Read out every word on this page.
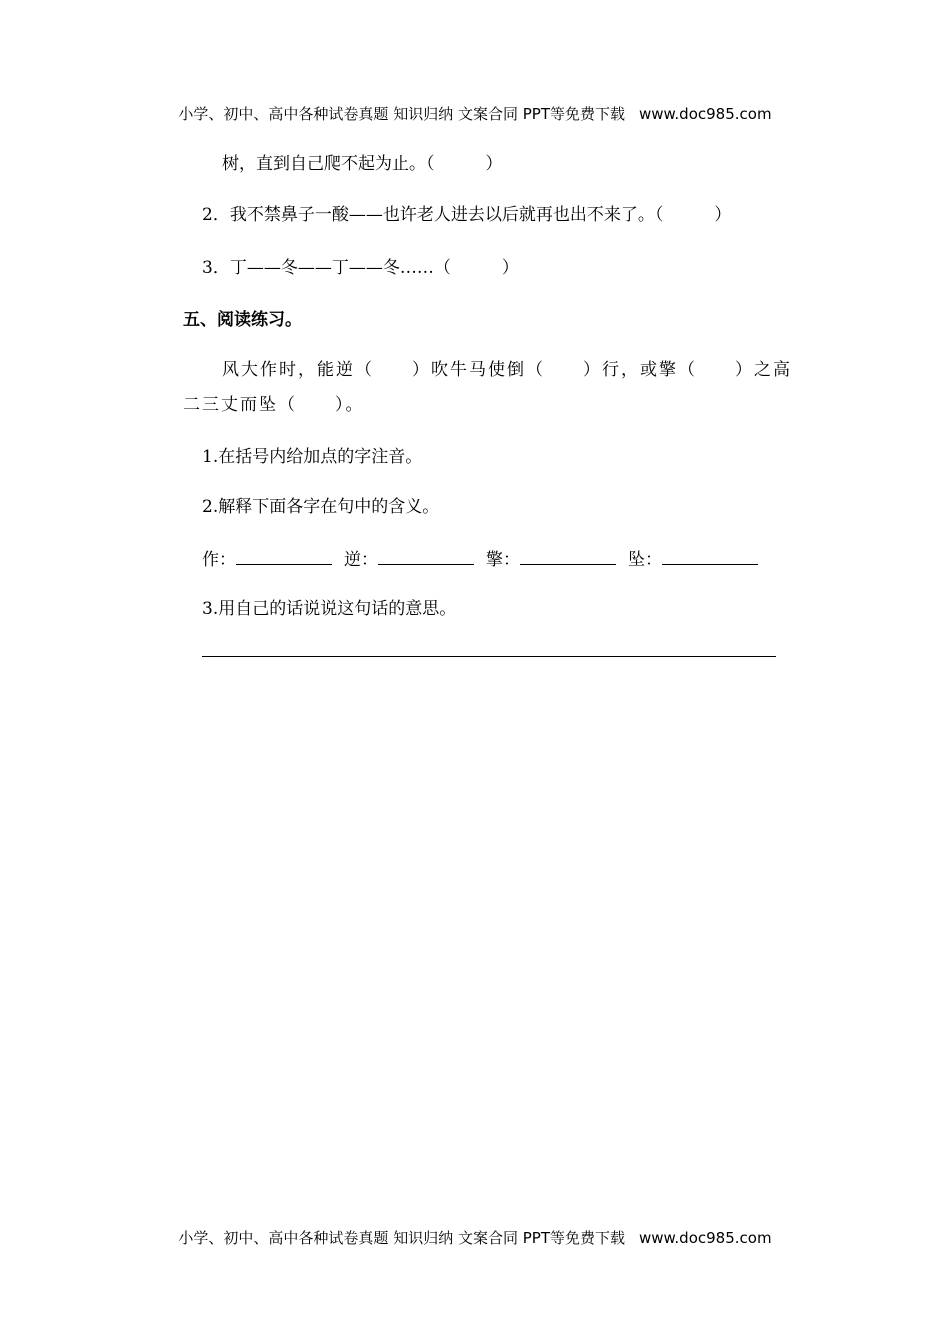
小学、初中、高中各种试卷真题 知识归纳 文案合同 PPT等免费下载 www.doc985.com
树，直到自己爬不起为止。（　　　）
2．我不禁鼻子一酸——也许老人进去以后就再也出不来了。（　　　）
3．丁——冬——丁——冬……（　　　）
五、阅读练习。
风大作时，能逆（　　）吹牛马使倒（　　）行，或擎（　　）之高
二三丈而坠（　　）。
1.在括号内给加点的字注音。
2.解释下面各字在句中的含义。
作：	逆：	擎：	坠：
3.用自己的话说说这句话的意思。
小学、初中、高中各种试卷真题 知识归纳 文案合同 PPT等免费下载 www.doc985.com
